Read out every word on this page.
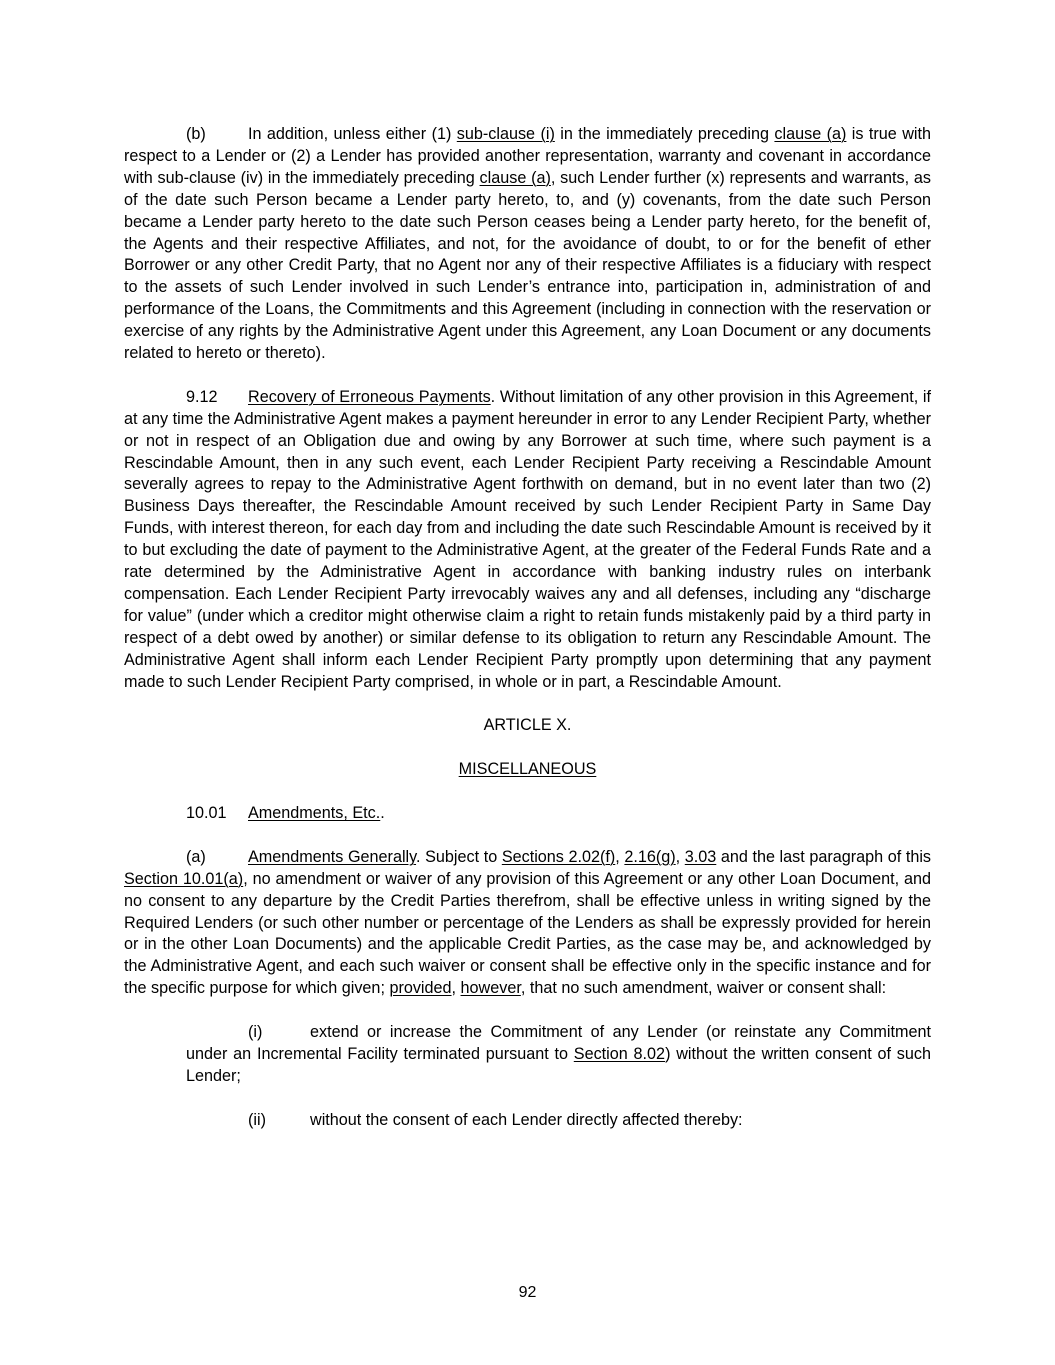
(b)	In addition, unless either (1) sub-clause (i) in the immediately preceding clause (a) is true with respect to a Lender or (2) a Lender has provided another representation, warranty and covenant in accordance with sub-clause (iv) in the immediately preceding clause (a), such Lender further (x) represents and warrants, as of the date such Person became a Lender party hereto, to, and (y) covenants, from the date such Person became a Lender party hereto to the date such Person ceases being a Lender party hereto, for the benefit of, the Agents and their respective Affiliates, and not, for the avoidance of doubt, to or for the benefit of ether Borrower or any other Credit Party, that no Agent nor any of their respective Affiliates is a fiduciary with respect to the assets of such Lender involved in such Lender’s entrance into, participation in, administration of and performance of the Loans, the Commitments and this Agreement (including in connection with the reservation or exercise of any rights by the Administrative Agent under this Agreement, any Loan Document or any documents related to hereto or thereto).

9.12 Recovery of Erroneous Payments. Without limitation of any other provision in this Agreement, if at any time the Administrative Agent makes a payment hereunder in error to any Lender Recipient Party, whether or not in respect of an Obligation due and owing by any Borrower at such time, where such payment is a Rescindable Amount, then in any such event, each Lender Recipient Party receiving a Rescindable Amount severally agrees to repay to the Administrative Agent forthwith on demand, but in no event later than two (2) Business Days thereafter, the Rescindable Amount received by such Lender Recipient Party in Same Day Funds, with interest thereon, for each day from and including the date such Rescindable Amount is received by it to but excluding the date of payment to the Administrative Agent, at the greater of the Federal Funds Rate and a rate determined by the Administrative Agent in accordance with banking industry rules on interbank compensation. Each Lender Recipient Party irrevocably waives any and all defenses, including any “discharge for value” (under which a creditor might otherwise claim a right to retain funds mistakenly paid by a third party in respect of a debt owed by another) or similar defense to its obligation to return any Rescindable Amount. The Administrative Agent shall inform each Lender Recipient Party promptly upon determining that any payment made to such Lender Recipient Party comprised, in whole or in part, a Rescindable Amount.

ARTICLE X.

MISCELLANEOUS

10.01 Amendments, Etc..

(a)	Amendments Generally. Subject to Sections 2.02(f), 2.16(g), 3.03 and the last paragraph of this Section 10.01(a), no amendment or waiver of any provision of this Agreement or any other Loan Document, and no consent to any departure by the Credit Parties therefrom, shall be effective unless in writing signed by the Required Lenders (or such other number or percentage of the Lenders as shall be expressly provided for herein or in the other Loan Documents) and the applicable Credit Parties, as the case may be, and acknowledged by the Administrative Agent, and each such waiver or consent shall be effective only in the specific instance and for the specific purpose for which given; provided, however, that no such amendment, waiver or consent shall:

(i)	extend or increase the Commitment of any Lender (or reinstate any Commitment under an Incremental Facility terminated pursuant to Section 8.02) without the written consent of such Lender;

(ii)	without the consent of each Lender directly affected thereby:

92
